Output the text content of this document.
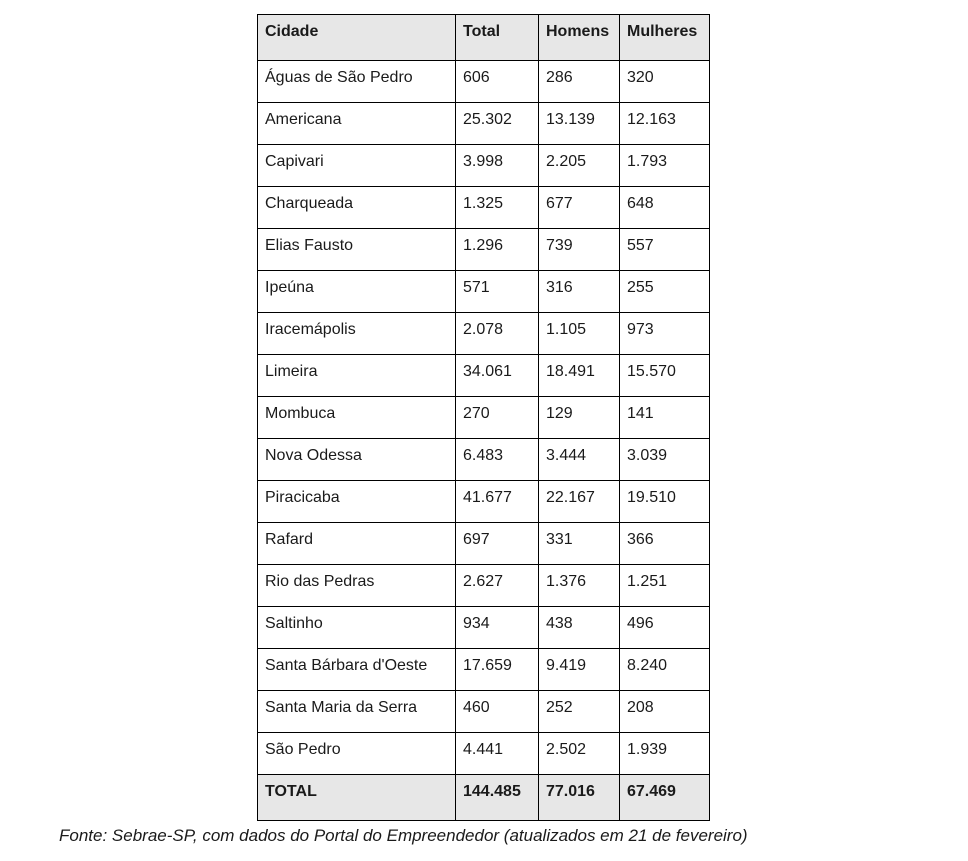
Cidade	Total	Homens	Mulheres
Águas de São Pedro	606	286	320
Americana	25.302	13.139	12.163
Capivari	3.998	2.205	1.793
Charqueada	1.325	677	648
Elias Fausto	1.296	739	557
Ipeúna	571	316	255
Iracemápolis	2.078	1.105	973
Limeira	34.061	18.491	15.570
Mombuca	270	129	141
Nova Odessa	6.483	3.444	3.039
Piracicaba	41.677	22.167	19.510
Rafard	697	331	366
Rio das Pedras	2.627	1.376	1.251
Saltinho	934	438	496
Santa Bárbara d'Oeste	17.659	9.419	8.240
Santa Maria da Serra	460	252	208
São Pedro	4.441	2.502	1.939
TOTAL	144.485	77.016	67.469
Fonte: Sebrae-SP, com dados do Portal do Empreendedor (atualizados em 21 de fevereiro)
